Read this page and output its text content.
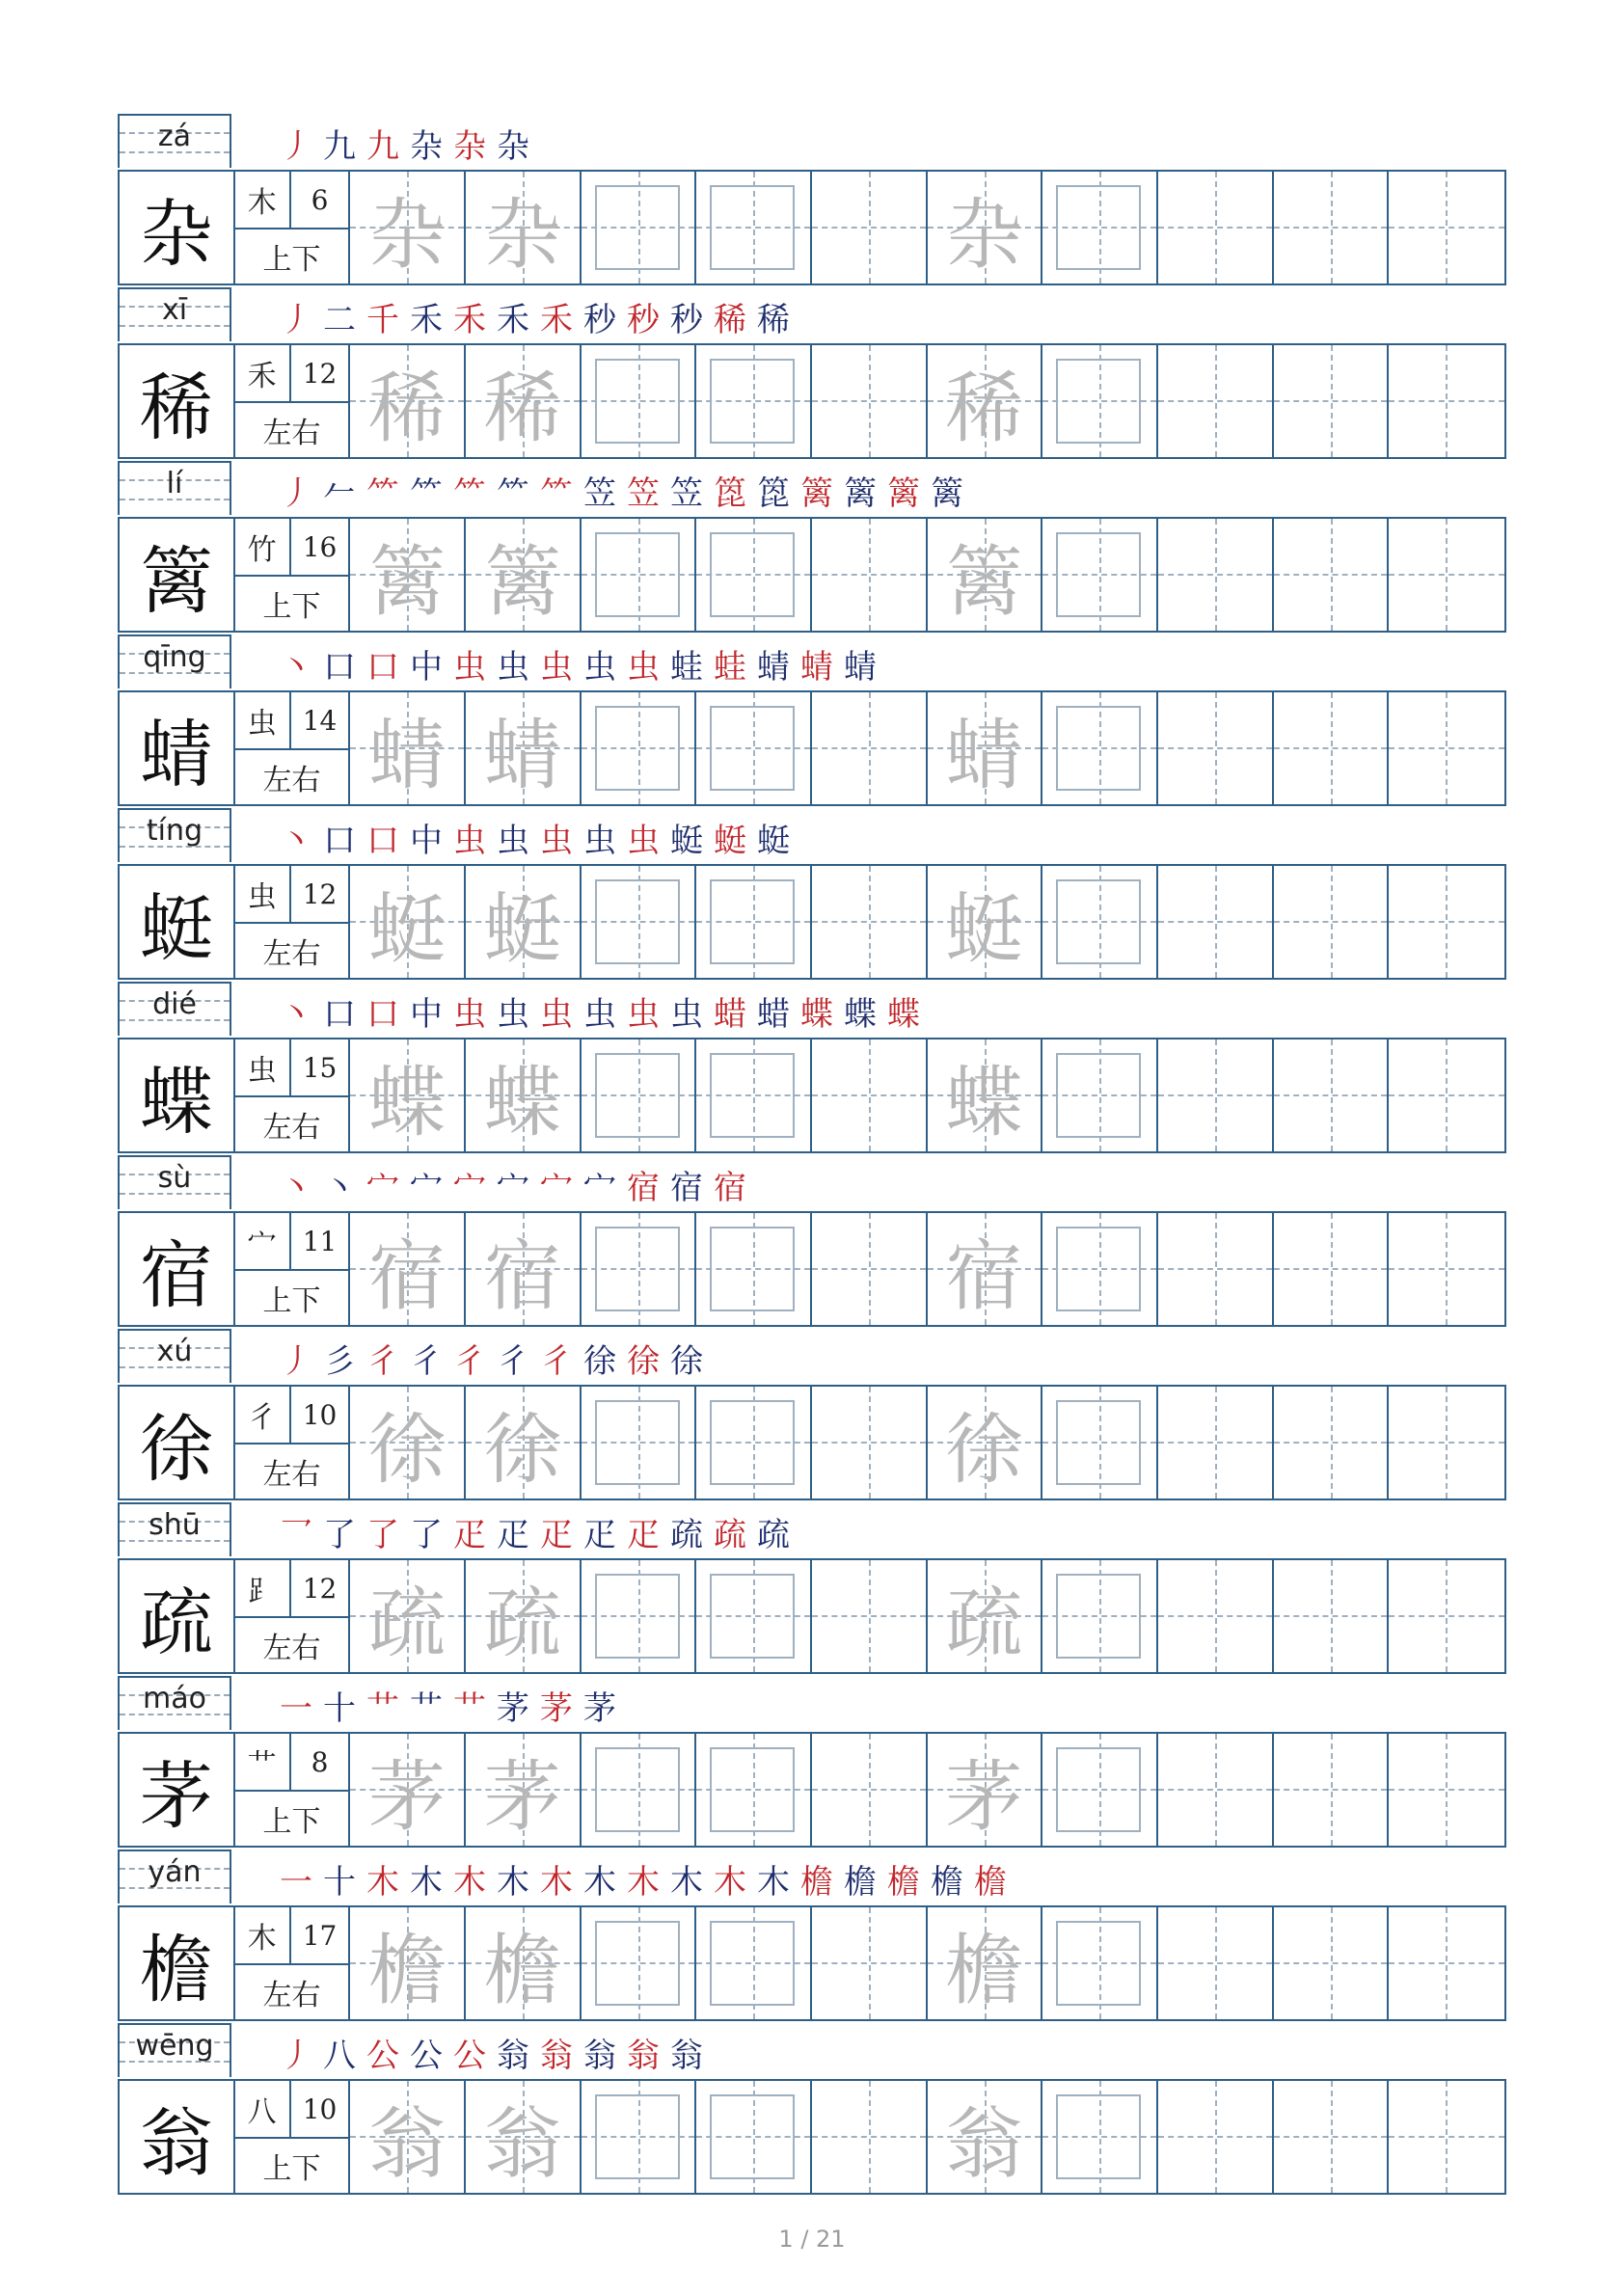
zá	丿 九 九 杂 杂 杂
杂	木	6
上下 杂 杂	杂
xī	丿 二 千 禾 禾 禾 禾 秒 秒 秒 稀 稀
稀	禾 12
左右 稀 稀	稀
lí	丿 𠂉 ⺮ ⺮ ⺮ ⺮ ⺮ 笠 笠 笠 箆 箆 篱 篱 篱 篱
篱	竹 16
上下 篱 篱	篱
qīng	丶 口 口 中 虫 虫 虫 虫 虫 蛙 蛙 蜻 蜻 蜻
蜻	虫 14
左右 蜻 蜻	蜻
tíng	丶 口 口 中 虫 虫 虫 虫 虫 蜓 蜓 蜓
蜓	虫 12
左右 蜓 蜓	蜓
dié	丶 口 口 中 虫 虫 虫 虫 虫 虫 蜡 蜡 蝶 蝶 蝶
蝶	虫 15
左右 蝶 蝶	蝶
sù	丶 丶 宀 宀 宀 宀 宀 宀 宿 宿 宿
宿	宀 11
上下 宿 宿	宿
xú	丿 彡 彳 彳 彳 彳 彳 徐 徐 徐
徐	彳 10
左右 徐 徐	徐
shū	乛 了 了 了 疋 疋 疋 疋 疋 疏 疏 疏
疏	⻊ 12
左右 疏 疏	疏
máo	一 十 艹 艹 艹 茅 茅 茅
茅	艹	8
上下 茅 茅	茅
yán	一 十 木 木 木 木 木 木 木 木 木 木 檐 檐 檐 檐 檐
檐	木 17
左右 檐 檐	檐
wēng	丿 八 公 公 公 翁 翁 翁 翁 翁
翁	八 10
上下 翁 翁	翁
1 / 21
